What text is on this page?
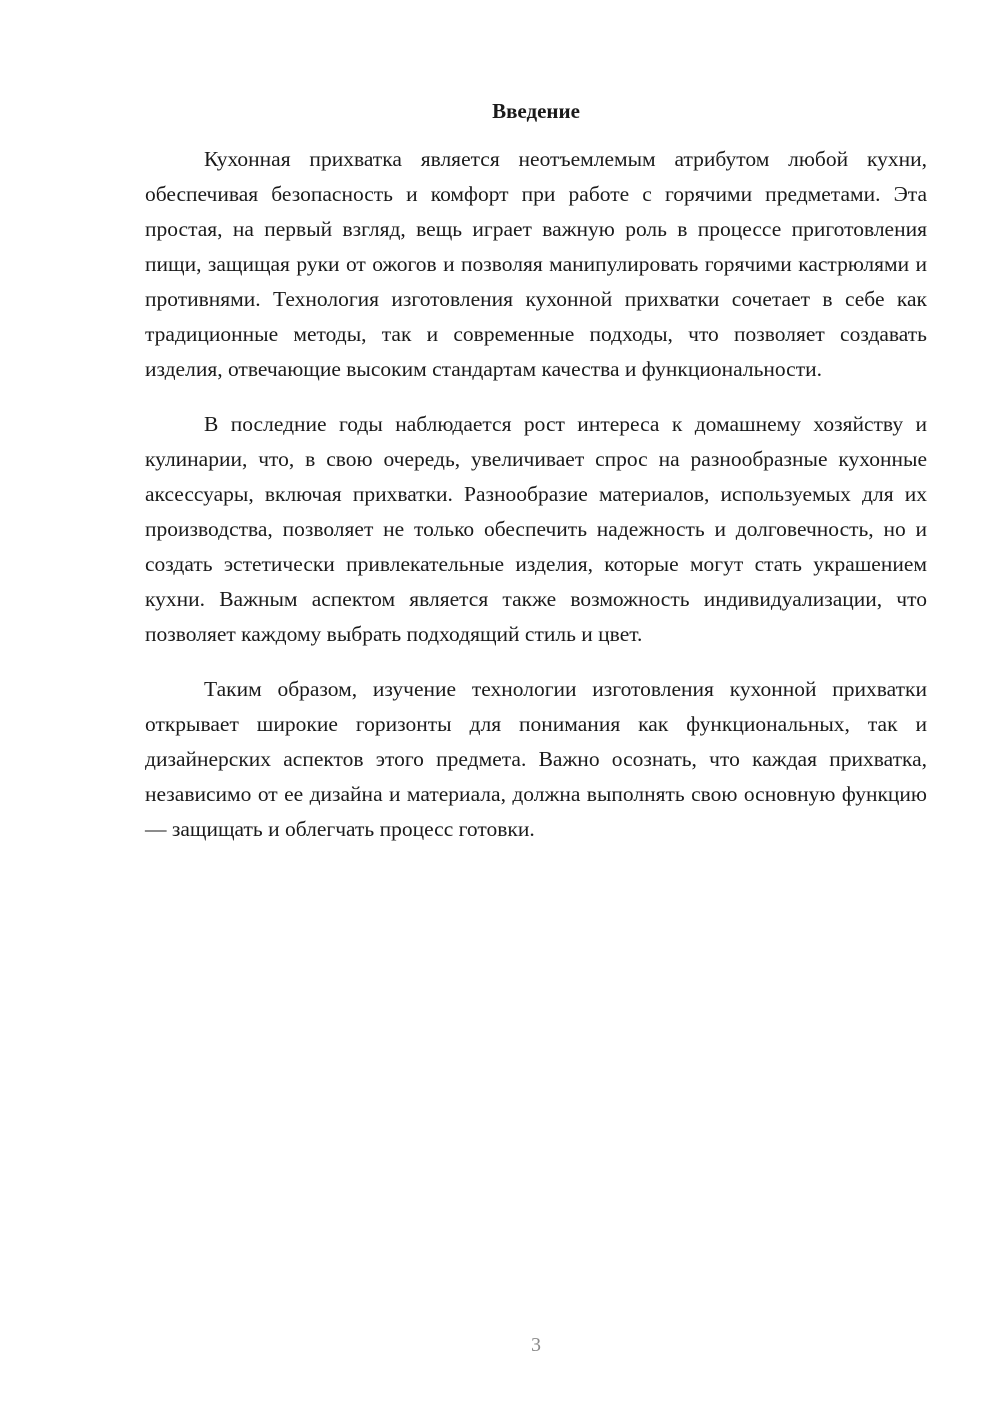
Введение

Кухонная прихватка является неотъемлемым атрибутом любой кухни, обеспечивая безопасность и комфорт при работе с горячими предметами. Эта простая, на первый взгляд, вещь играет важную роль в процессе приготовления пищи, защищая руки от ожогов и позволяя манипулировать горячими кастрюлями и противнями. Технология изготовления кухонной прихватки сочетает в себе как традиционные методы, так и современные подходы, что позволяет создавать изделия, отвечающие высоким стандартам качества и функциональности.

В последние годы наблюдается рост интереса к домашнему хозяйству и кулинарии, что, в свою очередь, увеличивает спрос на разнообразные кухонные аксессуары, включая прихватки. Разнообразие материалов, используемых для их производства, позволяет не только обеспечить надежность и долговечность, но и создать эстетически привлекательные изделия, которые могут стать украшением кухни. Важным аспектом является также возможность индивидуализации, что позволяет каждому выбрать подходящий стиль и цвет.

Таким образом, изучение технологии изготовления кухонной прихватки открывает широкие горизонты для понимания как функциональных, так и дизайнерских аспектов этого предмета. Важно осознать, что каждая прихватка, независимо от ее дизайна и материала, должна выполнять свою основную функцию — защищать и облегчать процесс готовки.

3
